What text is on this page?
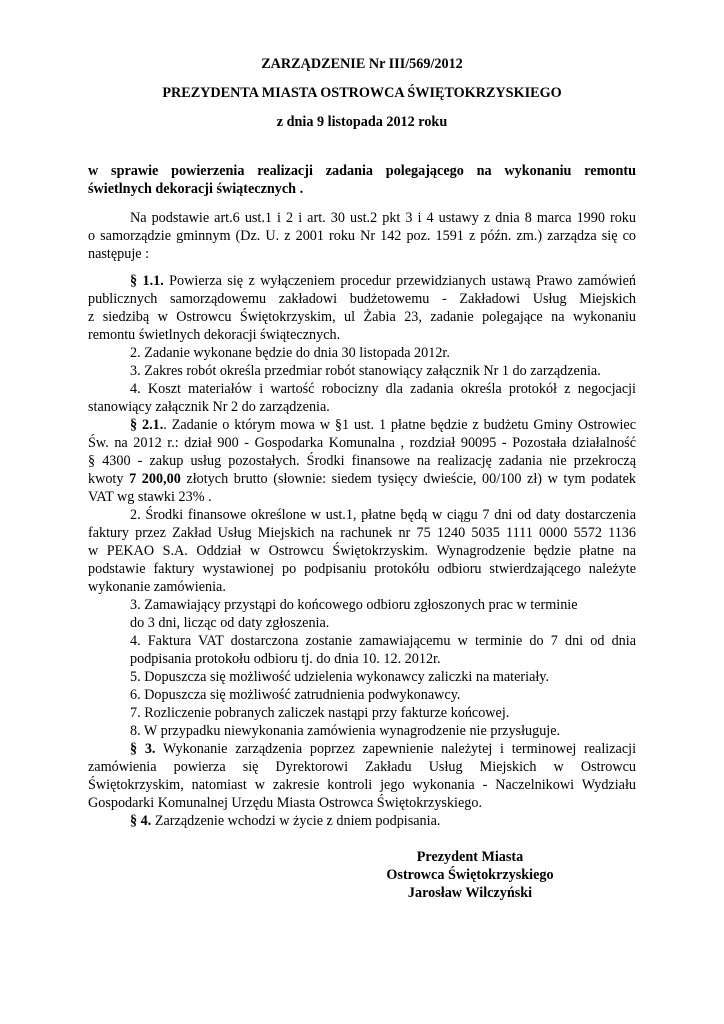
ZARZĄDZENIE Nr III/569/2012
PREZYDENTA MIASTA OSTROWCA ŚWIĘTOKRZYSKIEGO
z dnia 9 listopada 2012 roku
w sprawie powierzenia realizacji zadania polegającego na wykonaniu remontu
świetlnych dekoracji świątecznych .
Na podstawie art.6 ust.1 i 2 i art. 30 ust.2 pkt 3 i 4 ustawy z dnia 8 marca 1990 roku
o samorządzie gminnym (Dz. U. z 2001 roku Nr 142 poz. 1591 z późn. zm.) zarządza się co
następuje :
§ 1.1. Powierza się z wyłączeniem procedur przewidzianych ustawą Prawo zamówień
publicznych samorządowemu zakładowi budżetowemu - Zakładowi Usług Miejskich
z siedzibą w Ostrowcu Świętokrzyskim, ul Żabia 23, zadanie polegające na wykonaniu
remontu świetlnych dekoracji świątecznych.
2. Zadanie wykonane będzie do dnia 30 listopada 2012r.
3. Zakres robót określa przedmiar robót stanowiący załącznik Nr 1 do zarządzenia.
4. Koszt materiałów i wartość robocizny dla zadania określa protokół z negocjacji
stanowiący załącznik Nr 2 do zarządzenia.
§ 2.1.. Zadanie o którym mowa w §1 ust. 1 płatne będzie z budżetu Gminy Ostrowiec
Św. na 2012 r.: dział 900 - Gospodarka Komunalna , rozdział 90095 - Pozostała działalność
§ 4300 - zakup usług pozostałych. Środki finansowe na realizację zadania nie przekroczą
kwoty 7 200,00 złotych brutto (słownie: siedem tysięcy dwieście, 00/100 zł) w tym podatek
VAT wg stawki 23% .
2. Środki finansowe określone w ust.1, płatne będą w ciągu 7 dni od daty dostarczenia
faktury przez Zakład Usług Miejskich na rachunek nr 75 1240 5035 1111 0000 5572 1136
w PEKAO S.A. Oddział w Ostrowcu Świętokrzyskim. Wynagrodzenie będzie płatne na
podstawie faktury wystawionej po podpisaniu protokółu odbioru stwierdzającego należyte
wykonanie zamówienia.
3. Zamawiający przystąpi do końcowego odbioru zgłoszonych prac w terminie
do 3 dni, licząc od daty zgłoszenia.
4. Faktura VAT dostarczona zostanie zamawiającemu w terminie do 7 dni od dnia
podpisania protokołu odbioru tj. do dnia 10. 12. 2012r.
5. Dopuszcza się możliwość udzielenia wykonawcy zaliczki na materiały.
6. Dopuszcza się możliwość zatrudnienia podwykonawcy.
7. Rozliczenie pobranych zaliczek nastąpi przy fakturze końcowej.
8. W przypadku niewykonania zamówienia wynagrodzenie nie przysługuje.
§ 3. Wykonanie zarządzenia poprzez zapewnienie należytej i terminowej realizacji
zamówienia powierza się Dyrektorowi Zakładu Usług Miejskich w Ostrowcu
Świętokrzyskim, natomiast w zakresie kontroli jego wykonania - Naczelnikowi Wydziału
Gospodarki Komunalnej Urzędu Miasta Ostrowca Świętokrzyskiego.
§ 4. Zarządzenie wchodzi w życie z dniem podpisania.
Prezydent Miasta
Ostrowca Świętokrzyskiego
Jarosław Wilczyński
